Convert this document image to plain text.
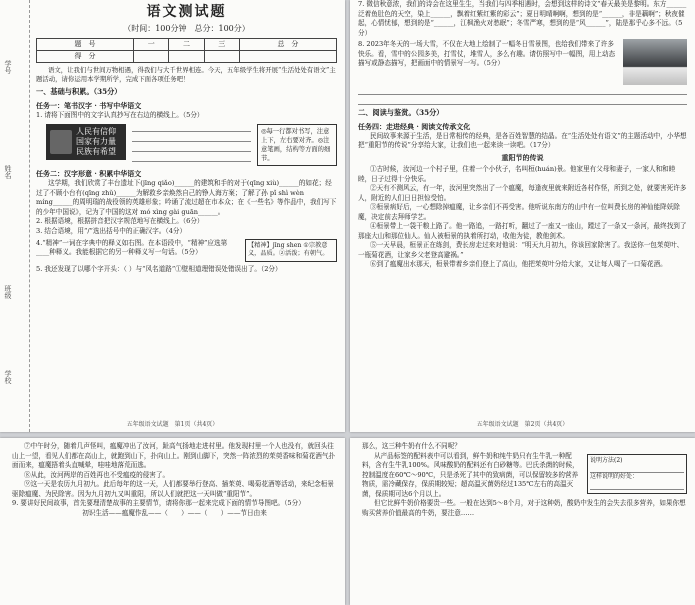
学号
姓名
班级
学校
语文测试题
（时间：100分钟　总分：100分）
题　号	一	二	三	总　分
得　分				
语文，让我们与世间万物相遇，得我们与大千世界相连。今天，五年级学生将开展“生活处处有语文”主题活动，请你运用本学期所学，完成下面各项任务吧！
一、基础与积累。（35分）
任务一：笔书汉字 · 书写中华语文
1. 请将下面图中的文字认真抄写在右边的横线上。（5分）
人民有信仰
国家有力量
民族有希望
◎每一行都对书写，注意上下，左右要对齐。◎注意笔画，结构等方面的细节。
任务二：汉字形意 · 积累中华语文
这学期，我们欣赏了丰台遗址下(jīng qiǎo)______的建筑和手的对于(qīng xiù)______的如花；经过了不顾小台有(qīng zhǔ)______为解救乡亲焕然自己的铮人海方案；了解了孙 pǐ shì wèn míng______的周明瑞的战役领的英雄形象；吟诵了流过超在市本众；在《一些名》等作品中，我们写下的少年中国说》，记为了中国的这对 mó xìng gài guān______。
2. 根据语境，根据拼音把汉字规范地写在横线上。（6分）
3. 结合语境，用“/”选出括号中的正确汉字。（4分）
4.“精神”一词在字典中的释义如右图。在本语段中，“精神”应选第____种释义。我能根据它的另一种释义写一句话。（5分）
【精神】jīng shen ①宗教意义，品质。②活泼；有朝气。
5. 我还发现了以哪个字开头：（ ）与“风名道路”①壁相道理错误处错误出了。（2分）
五年级语文试题　第1页（共4页）
7. 微信秋意浓，我们的诗会在这里生生，当我们与四季相遇时，会想到这样的诗文“春天最美是黎明。东方______泛着鱼肚色的天空，染上______，飘着红紫红紫的彩云”；夏日明晴啊啊，想到的是“______，非是藕啊”；秋夜催起，心情忧郁，想到的是“______，江枫渔火对愁眠”；冬雪严寒，想到的是“风______”，陆是那乎心多不远。（5分）
8. 2023年冬天的一场大雪，不仅在大地上绘制了一幅冬日雪景图，也给我们带来了许多快乐。看，雪中的公园多美，打雪仗，堆雪人，多么有趣。请仿照写中一幅图，用上动态描写或静态描写，把画面中的情景写一写。（5分）
二、阅读与鉴赏。（35分）
任务四：走进经典 · 阅读文传承文化
民间故事来源于生活，是日常相传的经典，是各百姓智慧的结晶。在“生活处处有语文”的主题活动中，小华想把“重阳节的传说”分享给大家，让我们也一起来读一读吧。（17分）
重阳节的传说
①古时候，汝河边一个村子里，住着一个小伙子，名叫桓(huán)景。他家里有父母和妻子，一家人和和睦睦，日子过得十分快乐。
②天有不测风云，有一年，汝河里突然出了一个瘟魔，每逢夜里就来附近各村作怪，所到之处，就要害死许多人，附近的人们日日担惊受怕。
③桓景病好后，一心想除掉瘟魔，让乡亲们不再受害。他听说东南方的山中有一位叫费长房的神仙能降妖除魔，决定前去拜师学艺。
④桓景带上一袋干粮上路了。他一路追，一路打听，翻过了一座又一座山，蹚过了一条又一条河，最终找到了那座大山和那位仙人。仙人被桓景的执着所打动，收他为徒，教他剑术。
⑤一天早晨，桓景正在练剑，费长房走过来对他说：“明天九月初九，你该回家除害了。我送你一包茱萸叶、一瓶菊花酒，让家乡父老登高避祸。”
⑥到了瘟魔出水那天，桓景带着乡亲们登上了高山，他把茱萸叶分给大家，又让每人喝了一口菊花酒。
五年级语文试题　第2页（共4页）
⑦中午时分，随着几声怪叫，瘟魔冲出了汝河，趾高气扬地走进村里。他发现村里一个人也没有，就回头往山上一望，看见人们都在高山上，就跑到山下，扑向山上。刚到山脚下，突然一阵浓烈的茱萸香味和菊花酒气扑面而来，瘟魔捂着头直喊晕，哇哇地落荒而逃。
⑧从此，汝河两岸的百姓再也不受瘟疫的侵害了。
⑨这一天是农历九月初九。此后每年的这一天，人们都要举行登高、插茱萸、喝菊花酒等活动，来纪念桓景驱除瘟魔、为民除害。因为九月初九又叫重阳，所以人们就把这一天叫做“重阳节”。
9. 要讲好民间故事，首先要理清楚故事的主要情节，请将你那一起来完成下面的情节导图吧。（5分）
初识生活——瘟魔作乱——（　　）——（　　）——节日由来
那么，这三种牛奶有什么不同呢？
说明方法(2)
这样说明的好处：
从产品标签的配料表中可以看到，鲜牛奶和纯牛奶只有生牛乳一种配料，含有生牛乳100%。风味酸奶的配料还有白砂糖等。巴氏杀菌的时候，控制温度在60℃～90℃，只是杀死了其中的致病菌，可以保留较多的营养物质，需冷藏保存，保质期较短；超高温灭菌奶经过135℃左右的高温灭菌，保质期可达6个月以上。
但它比鲜牛奶价格要贵一些。一般在达到5～8个月，对于这种奶，酸奶中发生的会失去很多营养，如果你想购买营养价值最高的牛奶，要注意……
